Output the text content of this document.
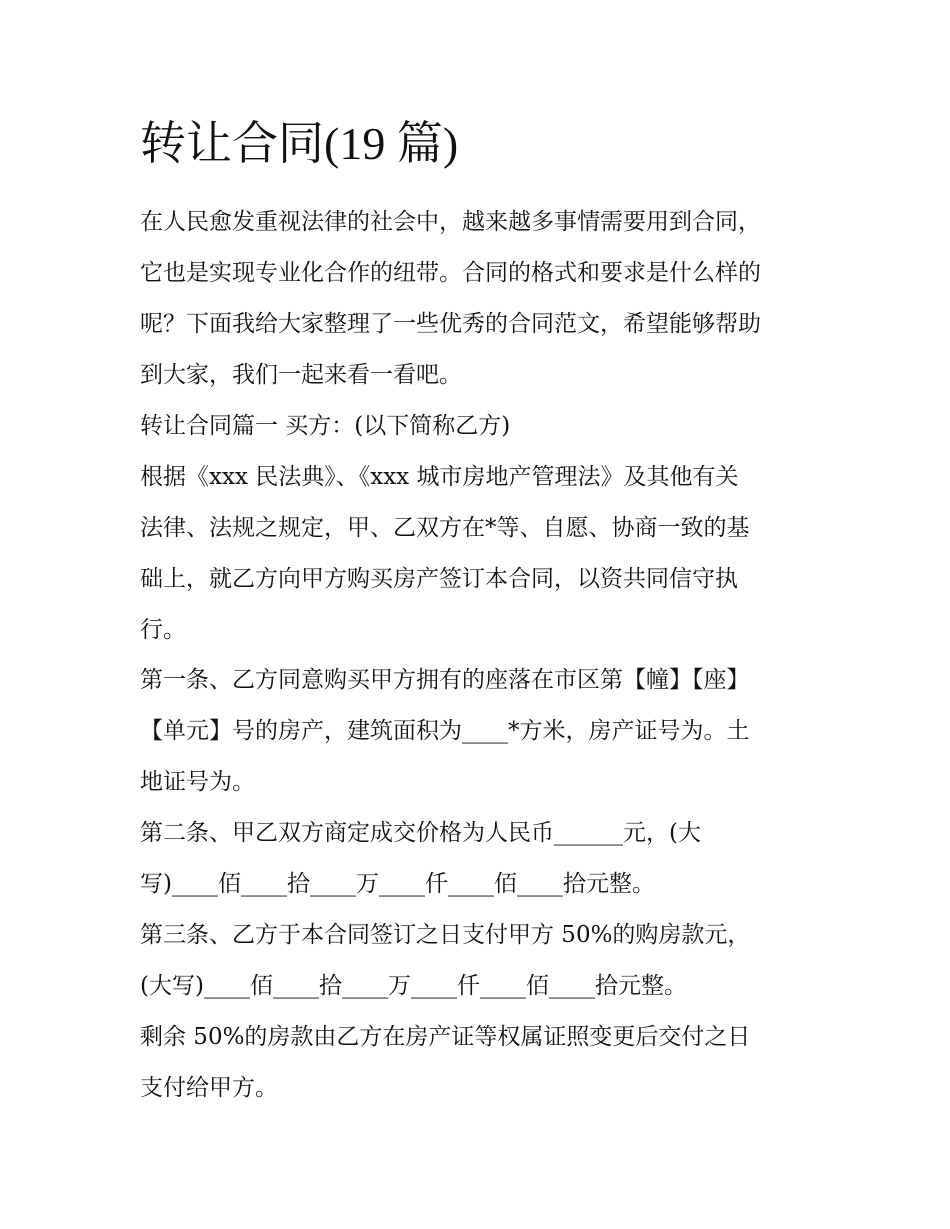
转让合同(19 篇)

在人民愈发重视法律的社会中，越来越多事情需要用到合同，

它也是实现专业化合作的纽带。合同的格式和要求是什么样的

呢？下面我给大家整理了一些优秀的合同范文，希望能够帮助

到大家，我们一起来看一看吧。

转让合同篇一 买方：(以下简称乙方)

根据《xxx 民法典》、《xxx 城市房地产管理法》及其他有关

法律、法规之规定，甲、乙双方在*等、自愿、协商一致的基

础上，就乙方向甲方购买房产签订本合同，以资共同信守执

行。

第一条、乙方同意购买甲方拥有的座落在市区第【幢】【座】

【单元】号的房产，建筑面积为____*方米，房产证号为。土

地证号为。

第二条、甲乙双方商定成交价格为人民币______元，(大

写)____佰____拾____万____仟____佰____拾元整。

第三条、乙方于本合同签订之日支付甲方 50%的购房款元，

(大写)____佰____拾____万____仟____佰____拾元整。

剩余 50%的房款由乙方在房产证等权属证照变更后交付之日

支付给甲方。
